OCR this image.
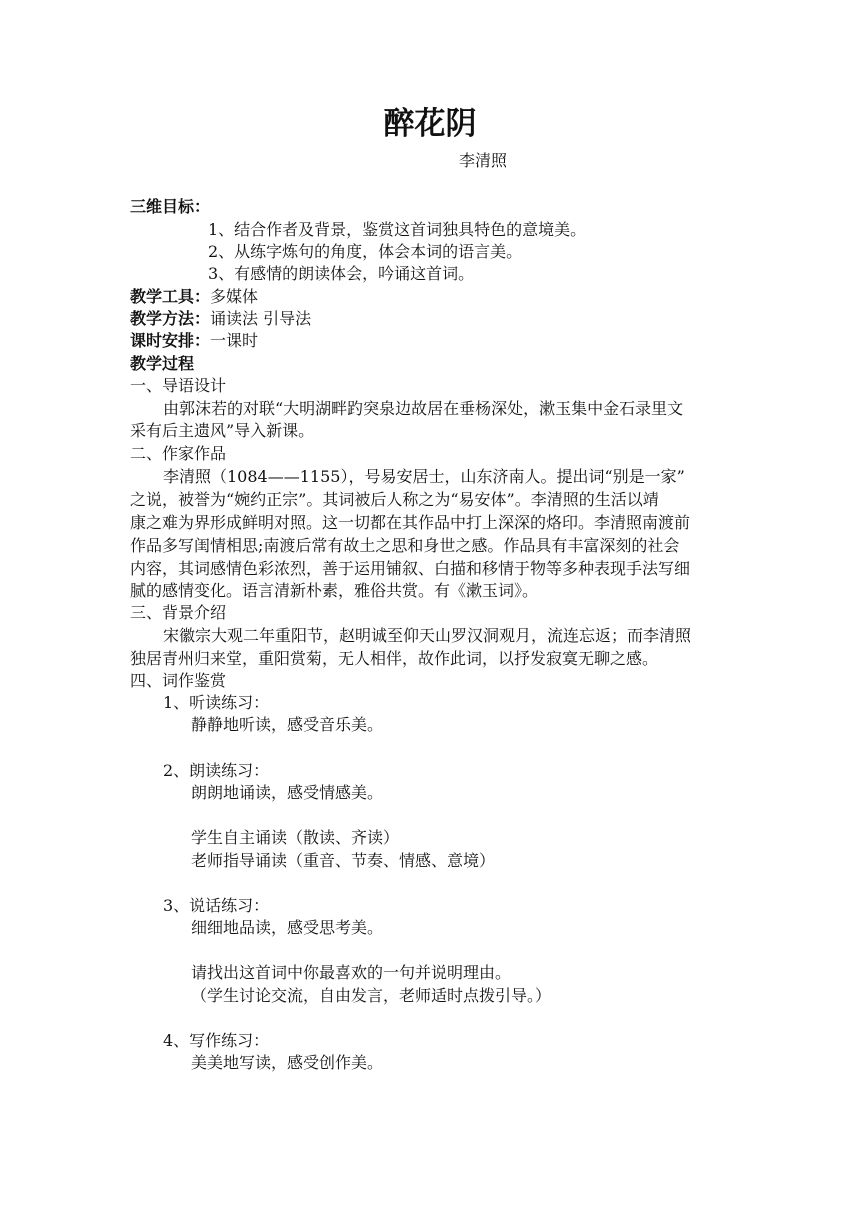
醉花阴
李清照
三维目标：
1、结合作者及背景，鉴赏这首词独具特色的意境美。
2、从练字炼句的角度，体会本词的语言美。
3、有感情的朗读体会，吟诵这首词。
教学工具：多媒体
教学方法：诵读法 引导法
课时安排：一课时
教学过程
一、导语设计
由郭沫若的对联“大明湖畔趵突泉边故居在垂杨深处，漱玉集中金石录里文
采有后主遗风”导入新课。
二、作家作品
李清照（1084——1155），号易安居士，山东济南人。提出词“别是一家”
之说，被誉为“婉约正宗”。其词被后人称之为“易安体”。李清照的生活以靖
康之难为界形成鲜明对照。这一切都在其作品中打上深深的烙印。李清照南渡前
作品多写闺情相思;南渡后常有故土之思和身世之感。作品具有丰富深刻的社会
内容，其词感情色彩浓烈，善于运用铺叙、白描和移情于物等多种表现手法写细
腻的感情变化。语言清新朴素，雅俗共赏。有《漱玉词》。
三、背景介绍
宋徽宗大观二年重阳节，赵明诚至仰天山罗汉洞观月，流连忘返；而李清照
独居青州归来堂，重阳赏菊，无人相伴，故作此词，以抒发寂寞无聊之感。
四、词作鉴赏
1、听读练习：
静静地听读，感受音乐美。
2、朗读练习：
朗朗地诵读，感受情感美。
学生自主诵读（散读、齐读）
老师指导诵读（重音、节奏、情感、意境）
3、说话练习：
细细地品读，感受思考美。
请找出这首词中你最喜欢的一句并说明理由。
（学生讨论交流，自由发言，老师适时点拨引导。）
4、写作练习：
美美地写读，感受创作美。
